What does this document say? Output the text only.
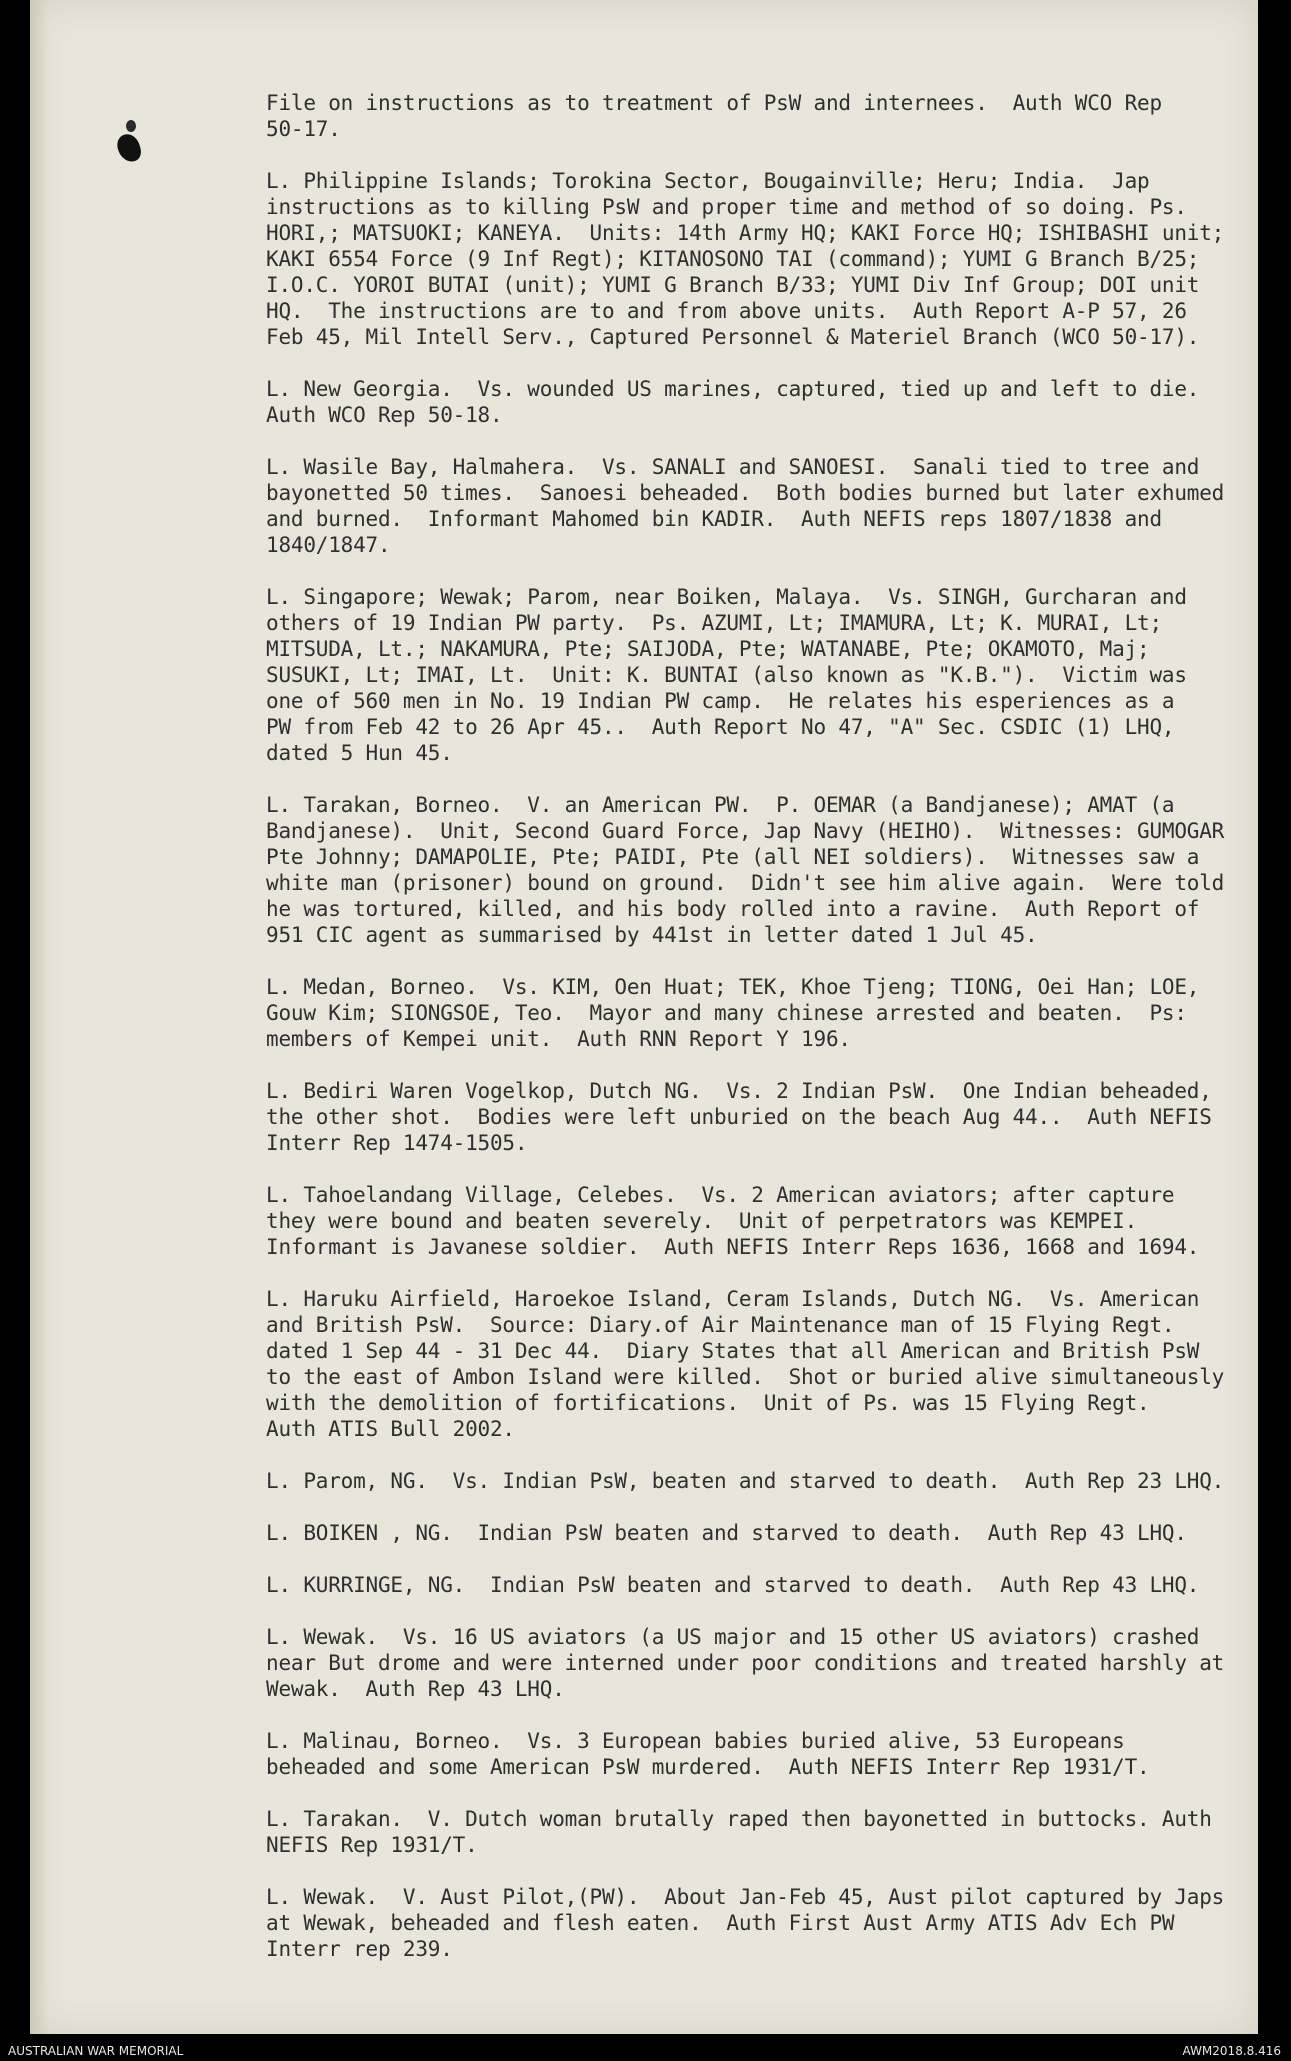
File on instructions as to treatment of PsW and internees.  Auth WCO Rep
50-17.
L. Philippine Islands; Torokina Sector, Bougainville; Heru; India.  Jap
instructions as to killing PsW and proper time and method of so doing. Ps.
HORI,; MATSUOKI; KANEYA.  Units: 14th Army HQ; KAKI Force HQ; ISHIBASHI unit;
KAKI 6554 Force (9 Inf Regt); KITANOSONO TAI (command); YUMI G Branch B/25;
I.O.C. YOROI BUTAI (unit); YUMI G Branch B/33; YUMI Div Inf Group; DOI unit
HQ.  The instructions are to and from above units.  Auth Report A-P 57, 26
Feb 45, Mil Intell Serv., Captured Personnel & Materiel Branch (WCO 50-17).
L. New Georgia.  Vs. wounded US marines, captured, tied up and left to die.
Auth WCO Rep 50-18.
L. Wasile Bay, Halmahera.  Vs. SANALI and SANOESI.  Sanali tied to tree and
bayonetted 50 times.  Sanoesi beheaded.  Both bodies burned but later exhumed
and burned.  Informant Mahomed bin KADIR.  Auth NEFIS reps 1807/1838 and
1840/1847.
L. Singapore; Wewak; Parom, near Boiken, Malaya.  Vs. SINGH, Gurcharan and
others of 19 Indian PW party.  Ps. AZUMI, Lt; IMAMURA, Lt; K. MURAI, Lt;
MITSUDA, Lt.; NAKAMURA, Pte; SAIJODA, Pte; WATANABE, Pte; OKAMOTO, Maj;
SUSUKI, Lt; IMAI, Lt.  Unit: K. BUNTAI (also known as "K.B.").  Victim was
one of 560 men in No. 19 Indian PW camp.  He relates his esperiences as a
PW from Feb 42 to 26 Apr 45..  Auth Report No 47, "A" Sec. CSDIC (1) LHQ,
dated 5 Hun 45.
L. Tarakan, Borneo.  V. an American PW.  P. OEMAR (a Bandjanese); AMAT (a
Bandjanese).  Unit, Second Guard Force, Jap Navy (HEIHO).  Witnesses: GUMOGAR
Pte Johnny; DAMAPOLIE, Pte; PAIDI, Pte (all NEI soldiers).  Witnesses saw a
white man (prisoner) bound on ground.  Didn't see him alive again.  Were told
he was tortured, killed, and his body rolled into a ravine.  Auth Report of
951 CIC agent as summarised by 441st in letter dated 1 Jul 45.
L. Medan, Borneo.  Vs. KIM, Oen Huat; TEK, Khoe Tjeng; TIONG, Oei Han; LOE,
Gouw Kim; SIONGSOE, Teo.  Mayor and many chinese arrested and beaten.  Ps:
members of Kempei unit.  Auth RNN Report Y 196.
L. Bediri Waren Vogelkop, Dutch NG.  Vs. 2 Indian PsW.  One Indian beheaded,
the other shot.  Bodies were left unburied on the beach Aug 44..  Auth NEFIS
Interr Rep 1474-1505.
L. Tahoelandang Village, Celebes.  Vs. 2 American aviators; after capture
they were bound and beaten severely.  Unit of perpetrators was KEMPEI.
Informant is Javanese soldier.  Auth NEFIS Interr Reps 1636, 1668 and 1694.
L. Haruku Airfield, Haroekoe Island, Ceram Islands, Dutch NG.  Vs. American
and British PsW.  Source: Diary.of Air Maintenance man of 15 Flying Regt.
dated 1 Sep 44 - 31 Dec 44.  Diary States that all American and British PsW
to the east of Ambon Island were killed.  Shot or buried alive simultaneously
with the demolition of fortifications.  Unit of Ps. was 15 Flying Regt.
Auth ATIS Bull 2002.
L. Parom, NG.  Vs. Indian PsW, beaten and starved to death.  Auth Rep 23 LHQ.
L. BOIKEN , NG.  Indian PsW beaten and starved to death.  Auth Rep 43 LHQ.
L. KURRINGE, NG.  Indian PsW beaten and starved to death.  Auth Rep 43 LHQ.
L. Wewak.  Vs. 16 US aviators (a US major and 15 other US aviators) crashed
near But drome and were interned under poor conditions and treated harshly at
Wewak.  Auth Rep 43 LHQ.
L. Malinau, Borneo.  Vs. 3 European babies buried alive, 53 Europeans
beheaded and some American PsW murdered.  Auth NEFIS Interr Rep 1931/T.
L. Tarakan.  V. Dutch woman brutally raped then bayonetted in buttocks. Auth
NEFIS Rep 1931/T.
L. Wewak.  V. Aust Pilot,(PW).  About Jan-Feb 45, Aust pilot captured by Japs
at Wewak, beheaded and flesh eaten.  Auth First Aust Army ATIS Adv Ech PW
Interr rep 239.
AUSTRALIAN WAR MEMORIAL	AWM2018.8.416
